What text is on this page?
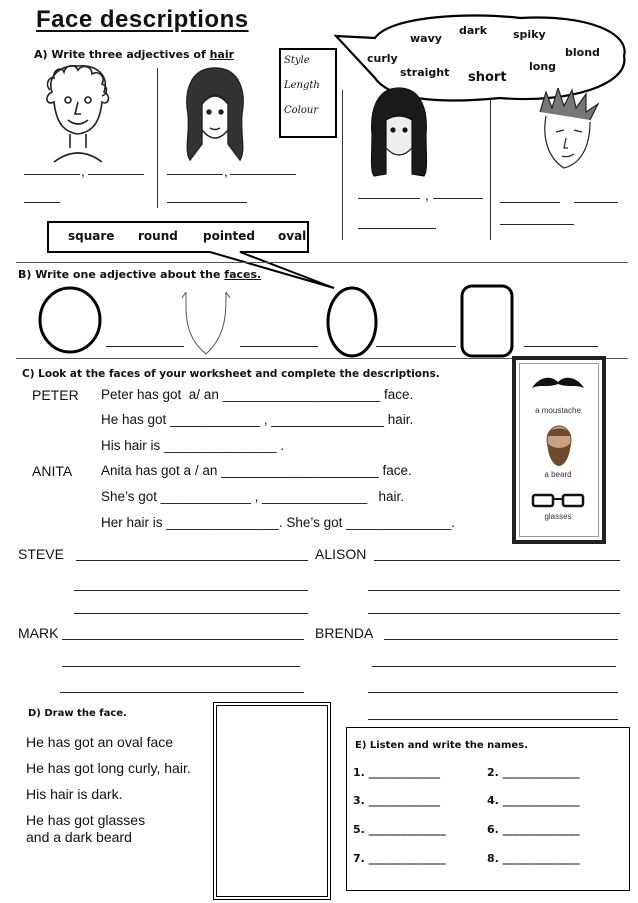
Face descriptions
A) Write three adjectives of hair	Style
Length
Colour
dark
wavy	spiky
curly	blond
straight	long
short
,	,
,
square round pointed oval
B) Write one adjective about the faces.
C) Look at the faces of your worksheet and complete the descriptions.
PETER Peter has got  a/ an _____________________ face.
He has got ____________ , _______________ hair.
His hair is _______________ .
ANITA Anita has got a / an _____________________ face.
She’s got ____________ , ______________   hair.
Her hair is _______________. She’s got ______________.
a moustache
a beard
glasses
STEVE	ALISON
MARK	BRENDA
D) Draw the face.
He has got an oval face
He has got long curly, hair.
His hair is dark.
He has got glasses
and a dark beard
E) Listen and write the names.
1. _____________	2. ______________
3. _____________	4. ______________
5. ______________	6. ______________
7. ______________	8. ______________
